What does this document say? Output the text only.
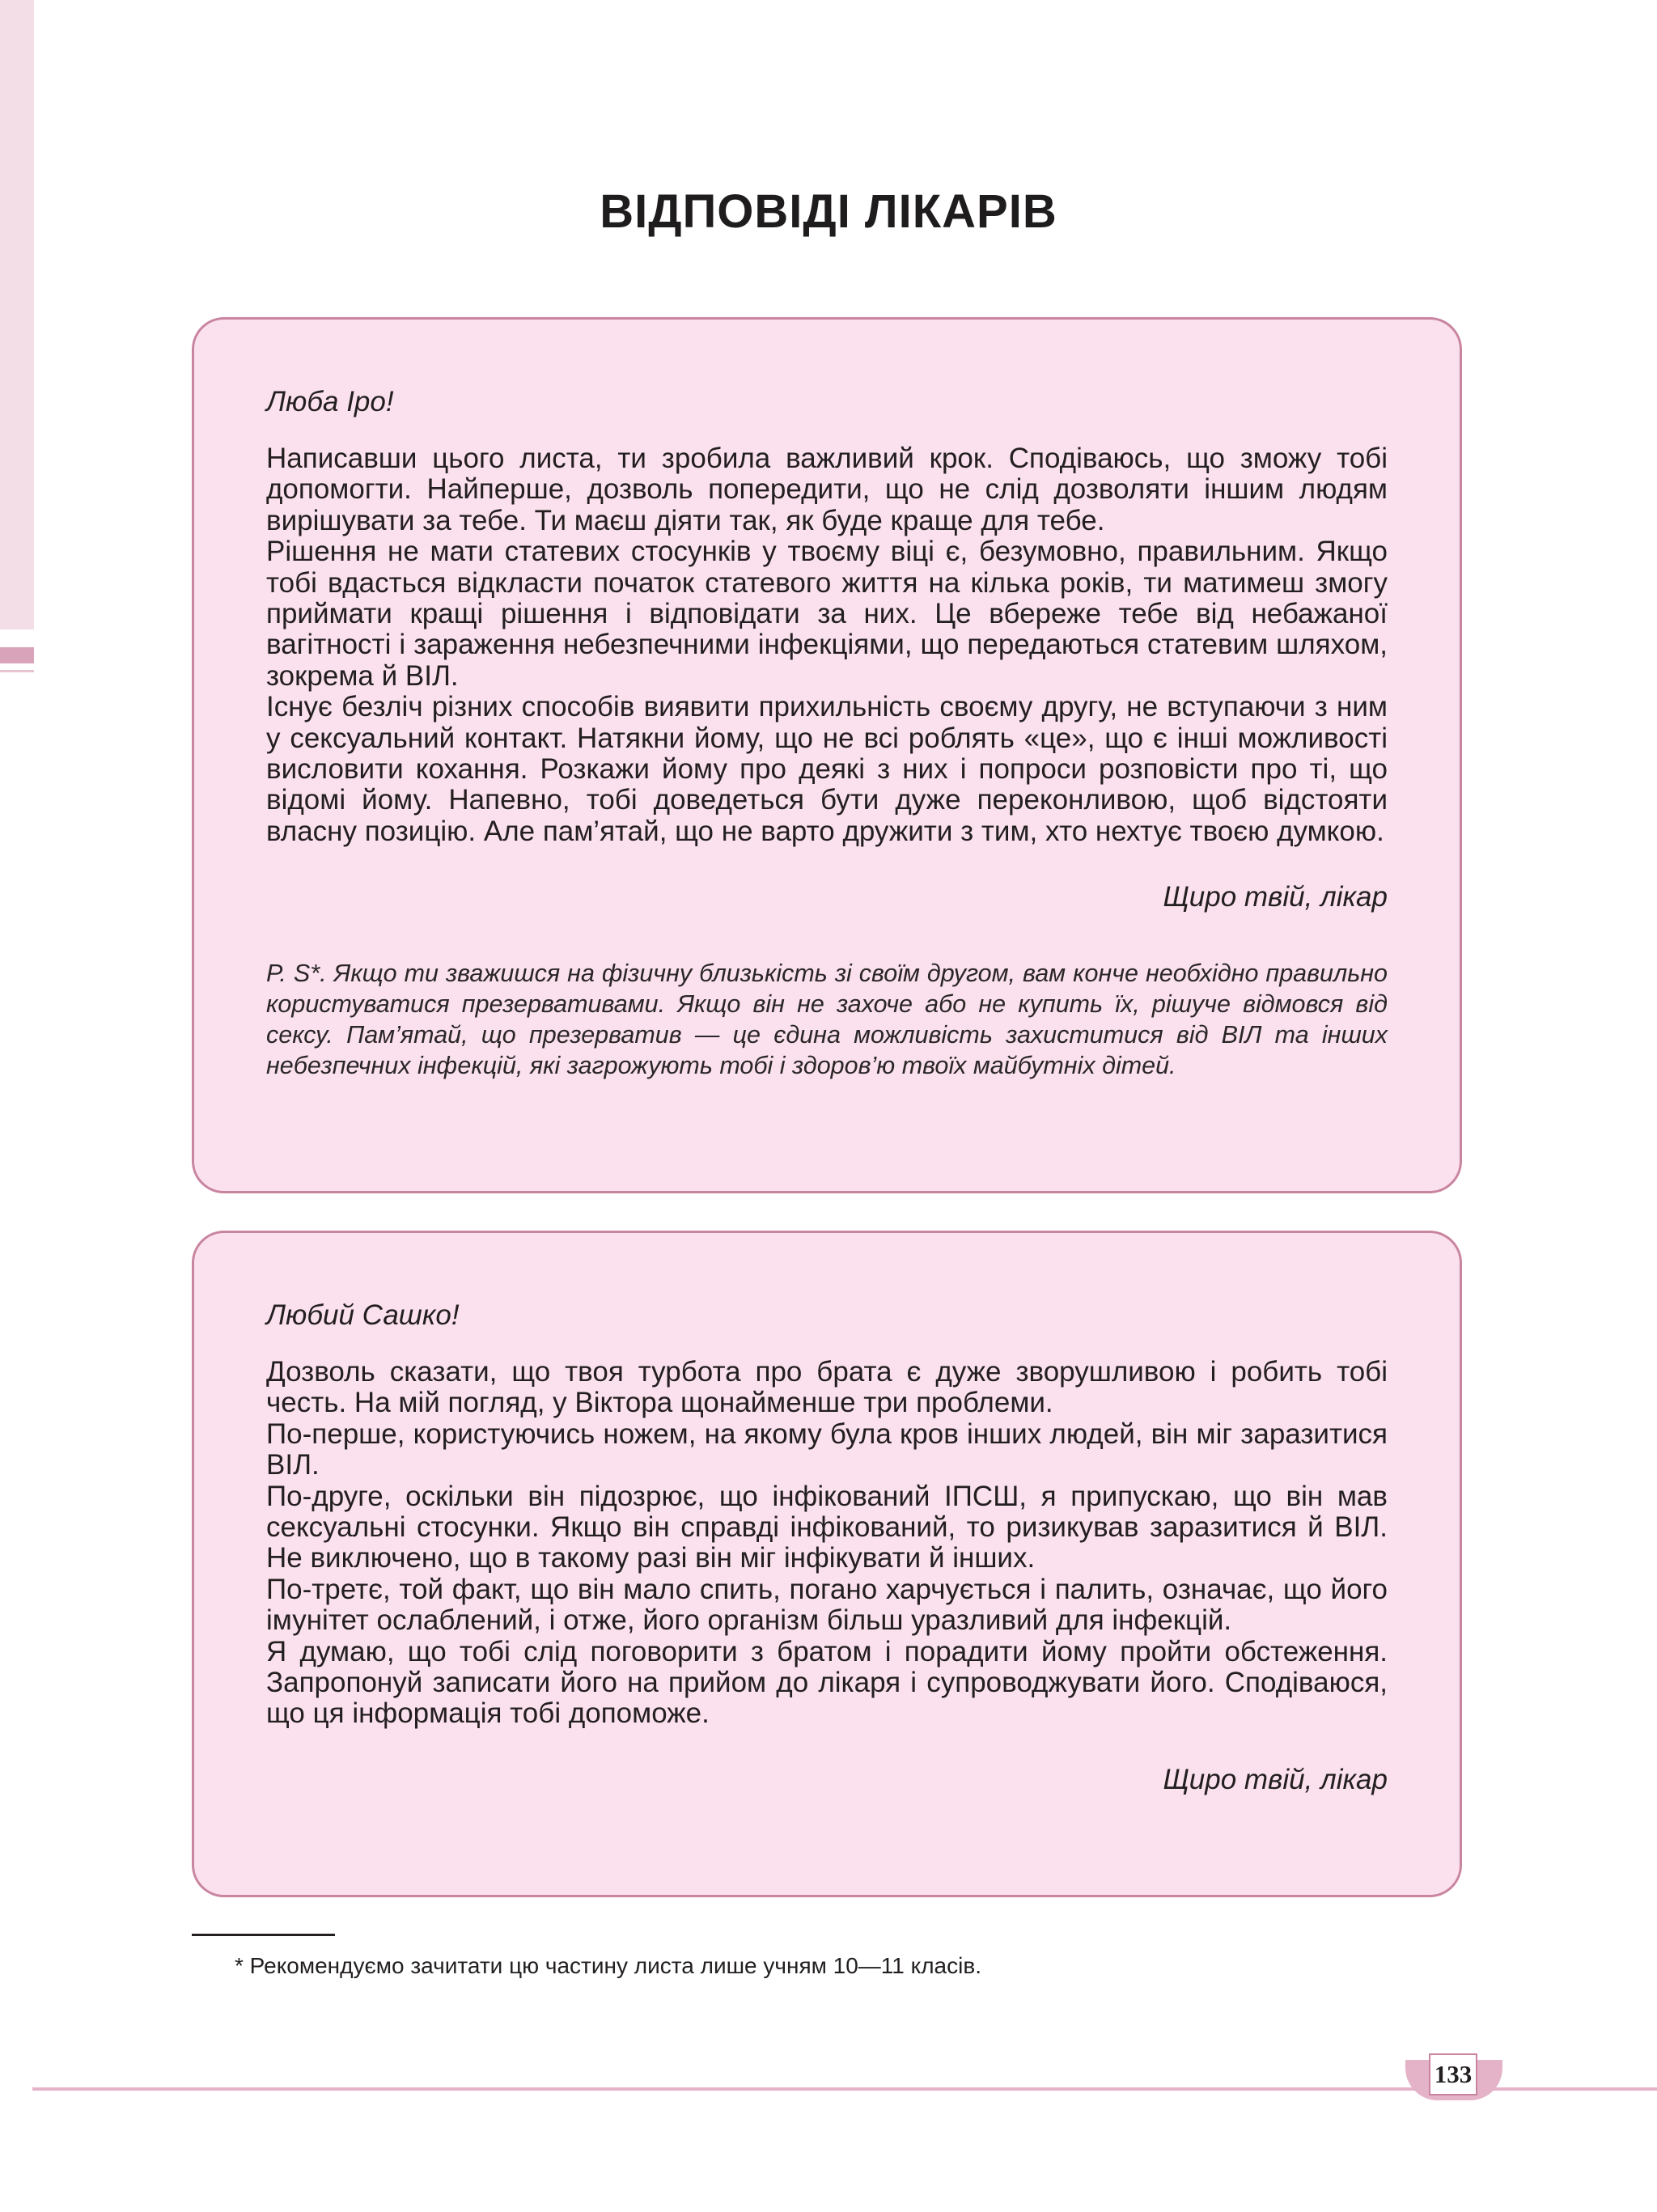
ВІДПОВІДІ ЛІКАРІВ

Люба Іро!

Написавши цього листа, ти зробила важливий крок. Сподіваюсь, що зможу тобі допомогти. Найперше, дозволь попередити, що не слід дозволяти іншим людям вирішувати за тебе. Ти маєш діяти так, як буде краще для тебе.

Рішення не мати статевих стосунків у твоєму віці є, безумовно, правильним. Якщо тобі вдасться відкласти початок статевого життя на кілька років, ти матимеш змогу приймати кращі рішення і відповідати за них. Це вбереже тебе від небажаної вагітності і зараження небезпечними інфекціями, що передаються статевим шляхом, зокрема й ВІЛ.

Існує безліч різних способів виявити прихильність своєму другу, не вступаючи з ним у сексуальний контакт. Натякни йому, що не всі роблять «це», що є інші можливості висловити кохання. Розкажи йому про деякі з них і попроси розповісти про ті, що відомі йому. Напевно, тобі доведеться бути дуже переконливою, щоб відстояти власну позицію. Але пам’ятай, що не варто дружити з тим, хто нехтує твоєю думкою.

Щиро твій, лікар

P. S*. Якщо ти зважишся на фізичну близькість зі своїм другом, вам конче необхідно правильно користуватися презервативами. Якщо він не захоче або не купить їх, рішуче відмовся від сексу. Пам’ятай, що презерватив — це єдина можливість захиститися від ВІЛ та інших небезпечних інфекцій, які загрожують тобі і здоров’ю твоїх майбутніх дітей.

Любий Сашко!

Дозволь сказати, що твоя турбота про брата є дуже зворушливою і робить тобі честь. На мій погляд, у Віктора щонайменше три проблеми.

По-перше, користуючись ножем, на якому була кров інших людей, він міг заразитися ВІЛ.

По-друге, оскільки він підозрює, що інфікований ІПСШ, я припускаю, що він мав сексуальні стосунки. Якщо він справді інфікований, то ризикував заразитися й ВІЛ. Не виключено, що в такому разі він міг інфікувати й інших.

По-третє, той факт, що він мало спить, погано харчується і палить, означає, що його імунітет ослаблений, і отже, його організм більш уразливий для інфекцій.

Я думаю, що тобі слід поговорити з братом і порадити йому пройти обстеження. Запропонуй записати його на прийом до лікаря і супроводжувати його. Сподіваюся, що ця інформація тобі допоможе.

Щиро твій, лікар

* Рекомендуємо зачитати цю частину листа лише учням 10—11 класів.

133
